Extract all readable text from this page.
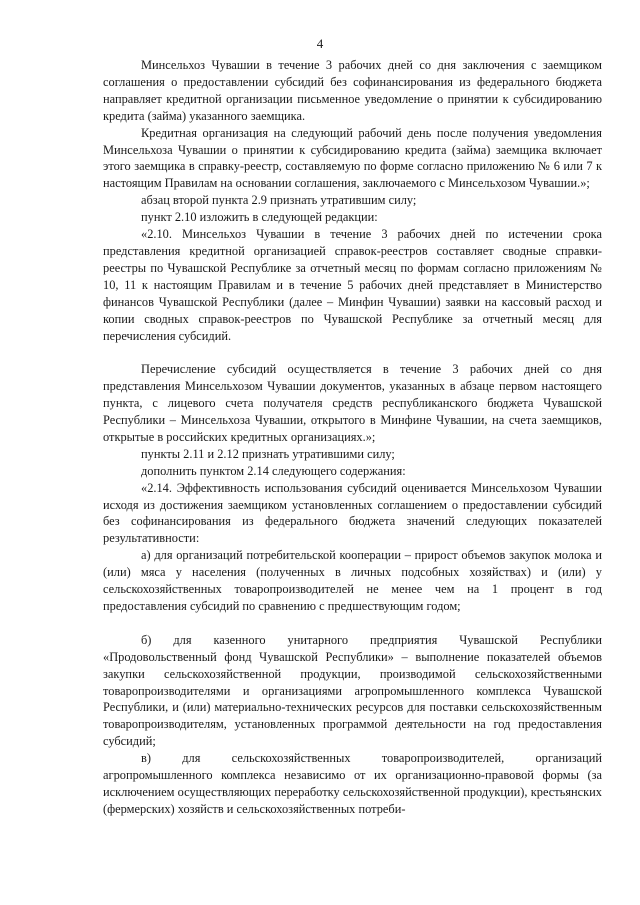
4

Минсельхоз Чувашии в течение 3 рабочих дней со дня заключения с заемщиком соглашения о предоставлении субсидий без софинансирования из федерального бюджета направляет кредитной организации письменное уведомление о принятии к субсидированию кредита (займа) указанного заемщика.

Кредитная организация на следующий рабочий день после получения уведомления Минсельхоза Чувашии о принятии к субсидированию кредита (займа) заемщика включает этого заемщика в справку-реестр, составляемую по форме согласно приложению № 6 или 7 к настоящим Правилам на основании соглашения, заключаемого с Минсельхозом Чувашии.»;

абзац второй пункта 2.9 признать утратившим силу;

пункт 2.10 изложить в следующей редакции:

«2.10. Минсельхоз Чувашии в течение 3 рабочих дней по истечении срока представления кредитной организацией справок-реестров составляет сводные справки-реестры по Чувашской Республике за отчетный месяц по формам согласно приложениям № 10, 11 к настоящим Правилам и в течение 5 рабочих дней представляет в Министерство финансов Чувашской Республики (далее – Минфин Чувашии) заявки на кассовый расход и копии сводных справок-реестров по Чувашской Республике за отчетный месяц для перечисления субсидий.

Перечисление субсидий осуществляется в течение 3 рабочих дней со дня представления Минсельхозом Чувашии документов, указанных в абзаце первом настоящего пункта, с лицевого счета получателя средств республиканского бюджета Чувашской Республики – Минсельхоза Чувашии, открытого в Минфине Чувашии, на счета заемщиков, открытые в российских кредитных организациях.»;

пункты 2.11 и 2.12 признать утратившими силу;

дополнить пунктом 2.14 следующего содержания:

«2.14. Эффективность использования субсидий оценивается Минсельхозом Чувашии исходя из достижения заемщиком установленных соглашением о предоставлении субсидий без софинансирования из федерального бюджета значений следующих показателей результативности:

а) для организаций потребительской кооперации – прирост объемов закупок молока и (или) мяса у населения (полученных в личных подсобных хозяйствах) и (или) у сельскохозяйственных товаропроизводителей не менее чем на 1 процент в год предоставления субсидий по сравнению с предшествующим годом;

б) для казенного унитарного предприятия Чувашской Республики «Продовольственный фонд Чувашской Республики» – выполнение показателей объемов закупки сельскохозяйственной продукции, производимой сельскохозяйственными товаропроизводителями и организациями агропромышленного комплекса Чувашской Республики, и (или) материально-технических ресурсов для поставки сельскохозяйственным товаропроизводителям, установленных программой деятельности на год предоставления субсидий;

в) для сельскохозяйственных товаропроизводителей, организаций агропромышленного комплекса независимо от их организационно-правовой формы (за исключением осуществляющих переработку сельскохозяйственной продукции), крестьянских (фермерских) хозяйств и сельскохозяйственных потреби-
